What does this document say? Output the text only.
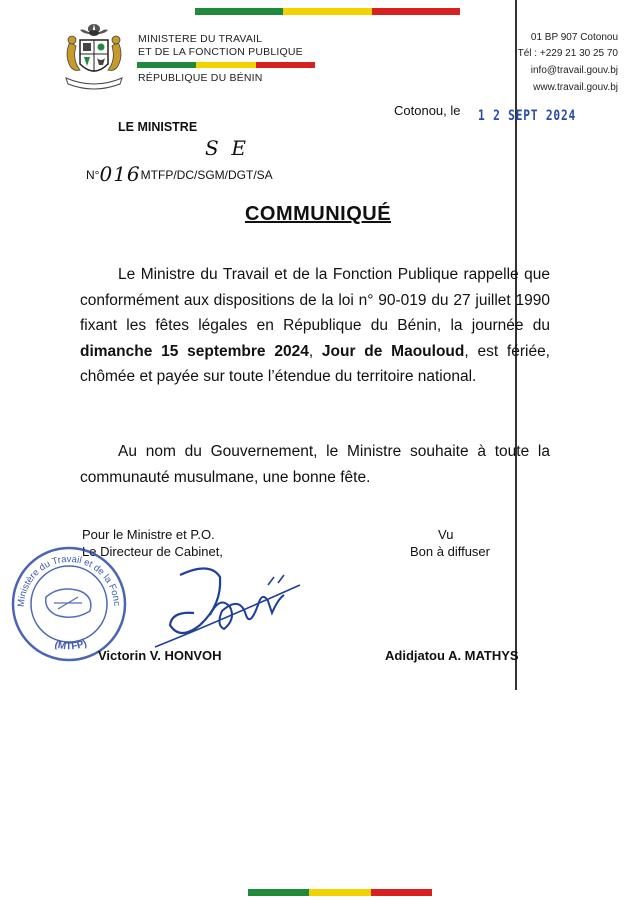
MINISTERE DU TRAVAIL
ET DE LA FONCTION PUBLIQUE
RÉPUBLIQUE DU BÉNIN
01 BP 907 Cotonou
Tél : +229 21 30 25 70
info@travail.gouv.bj
www.travail.gouv.bj
Cotonou, le 1 2 SEPT 2024
LE MINISTRE
N°016MTFP/DC/SGM/DGT/SA
S  E
COMMUNIQUÉ
Le Ministre du Travail et de la Fonction Publique rappelle que conformément aux dispositions de la loi n° 90-019 du 27 juillet 1990 fixant les fêtes légales en République du Bénin, la journée du dimanche 15 septembre 2024, Jour de Maouloud, est fériée, chômée et payée sur toute l’étendue du territoire national.
Au nom du Gouvernement, le Ministre souhaite à toute la communauté musulmane, une bonne fête.
Pour le Ministre et P.O.
Le Directeur de Cabinet,
Vu
Bon à diffuser
Ministère du Travail et de la Fonc
(MTFP)
Victorin V. HONVOH	Adidjatou A. MATHYS
